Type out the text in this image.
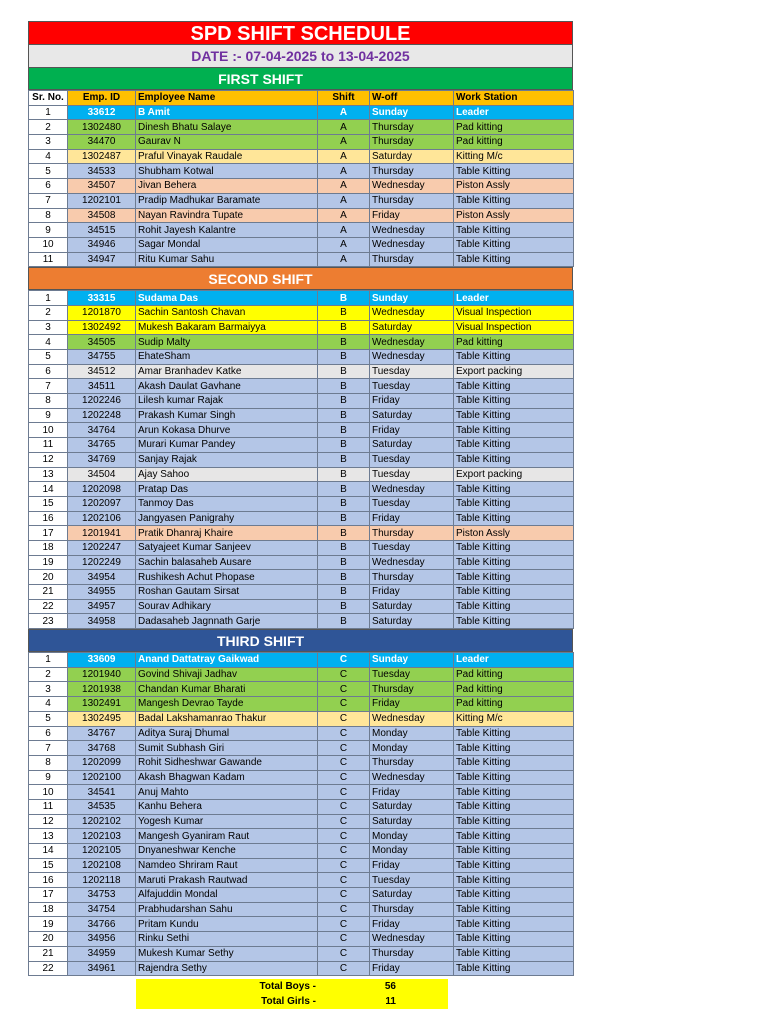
SPD SHIFT SCHEDULE
DATE :- 07-04-2025 to 13-04-2025
FIRST SHIFT
Sr. No.	Emp. ID	Employee Name	Shift	W-off	Work Station
1	33612	B Amit	A	Sunday	Leader
2	1302480	Dinesh Bhatu Salaye	A	Thursday	Pad kitting
3	34470	Gaurav N	A	Thursday	Pad kitting
4	1302487	Praful Vinayak Raudale	A	Saturday	Kitting M/c
5	34533	Shubham Kotwal	A	Thursday	Table Kitting
6	34507	Jivan Behera	A	Wednesday	Piston Assly
7	1202101	Pradip Madhukar Baramate	A	Thursday	Table Kitting
8	34508	Nayan Ravindra Tupate	A	Friday	Piston Assly
9	34515	Rohit Jayesh Kalantre	A	Wednesday	Table Kitting
10	34946	Sagar Mondal	A	Wednesday	Table Kitting
11	34947	Ritu Kumar Sahu	A	Thursday	Table Kitting
SECOND SHIFT
1	33315	Sudama Das	B	Sunday	Leader
2	1201870	Sachin Santosh Chavan	B	Wednesday	Visual Inspection
3	1302492	Mukesh Bakaram Barmaiyya	B	Saturday	Visual Inspection
4	34505	Sudip Malty	B	Wednesday	Pad kitting
5	34755	EhateSham	B	Wednesday	Table Kitting
6	34512	Amar Branhadev Katke	B	Tuesday	Export packing
7	34511	Akash Daulat Gavhane	B	Tuesday	Table Kitting
8	1202246	Lilesh kumar Rajak	B	Friday	Table Kitting
9	1202248	Prakash Kumar Singh	B	Saturday	Table Kitting
10	34764	Arun Kokasa Dhurve	B	Friday	Table Kitting
11	34765	Murari Kumar Pandey	B	Saturday	Table Kitting
12	34769	Sanjay Rajak	B	Tuesday	Table Kitting
13	34504	Ajay Sahoo	B	Tuesday	Export packing
14	1202098	Pratap Das	B	Wednesday	Table Kitting
15	1202097	Tanmoy Das	B	Tuesday	Table Kitting
16	1202106	Jangyasen Panigrahy	B	Friday	Table Kitting
17	1201941	Pratik Dhanraj Khaire	B	Thursday	Piston Assly
18	1202247	Satyajeet Kumar Sanjeev	B	Tuesday	Table Kitting
19	1202249	Sachin balasaheb Ausare	B	Wednesday	Table Kitting
20	34954	Rushikesh Achut Phopase	B	Thursday	Table Kitting
21	34955	Roshan Gautam Sirsat	B	Friday	Table Kitting
22	34957	Sourav Adhikary	B	Saturday	Table Kitting
23	34958	Dadasaheb Jagnnath Garje	B	Saturday	Table Kitting
THIRD SHIFT
1	33609	Anand Dattatray Gaikwad	C	Sunday	Leader
2	1201940	Govind Shivaji Jadhav	C	Tuesday	Pad kitting
3	1201938	Chandan Kumar Bharati	C	Thursday	Pad kitting
4	1302491	Mangesh Devrao Tayde	C	Friday	Pad kitting
5	1302495	Badal Lakshamanrao Thakur	C	Wednesday	Kitting M/c
6	34767	Aditya Suraj Dhumal	C	Monday	Table Kitting
7	34768	Sumit Subhash Giri	C	Monday	Table Kitting
8	1202099	Rohit Sidheshwar Gawande	C	Thursday	Table Kitting
9	1202100	Akash Bhagwan Kadam	C	Wednesday	Table Kitting
10	34541	Anuj Mahto	C	Friday	Table Kitting
11	34535	Kanhu Behera	C	Saturday	Table Kitting
12	1202102	Yogesh Kumar	C	Saturday	Table Kitting
13	1202103	Mangesh Gyaniram Raut	C	Monday	Table Kitting
14	1202105	Dnyaneshwar Kenche	C	Monday	Table Kitting
15	1202108	Namdeo Shriram Raut	C	Friday	Table Kitting
16	1202118	Maruti Prakash Rautwad	C	Tuesday	Table Kitting
17	34753	Alfajuddin Mondal	C	Saturday	Table Kitting
18	34754	Prabhudarshan Sahu	C	Thursday	Table Kitting
19	34766	Pritam Kundu	C	Friday	Table Kitting
20	34956	Rinku Sethi	C	Wednesday	Table Kitting
21	34959	Mukesh Kumar Sethy	C	Thursday	Table Kitting
22	34961	Rajendra Sethy	C	Friday	Table Kitting
Total Boys -	56
Total Girls -	11
